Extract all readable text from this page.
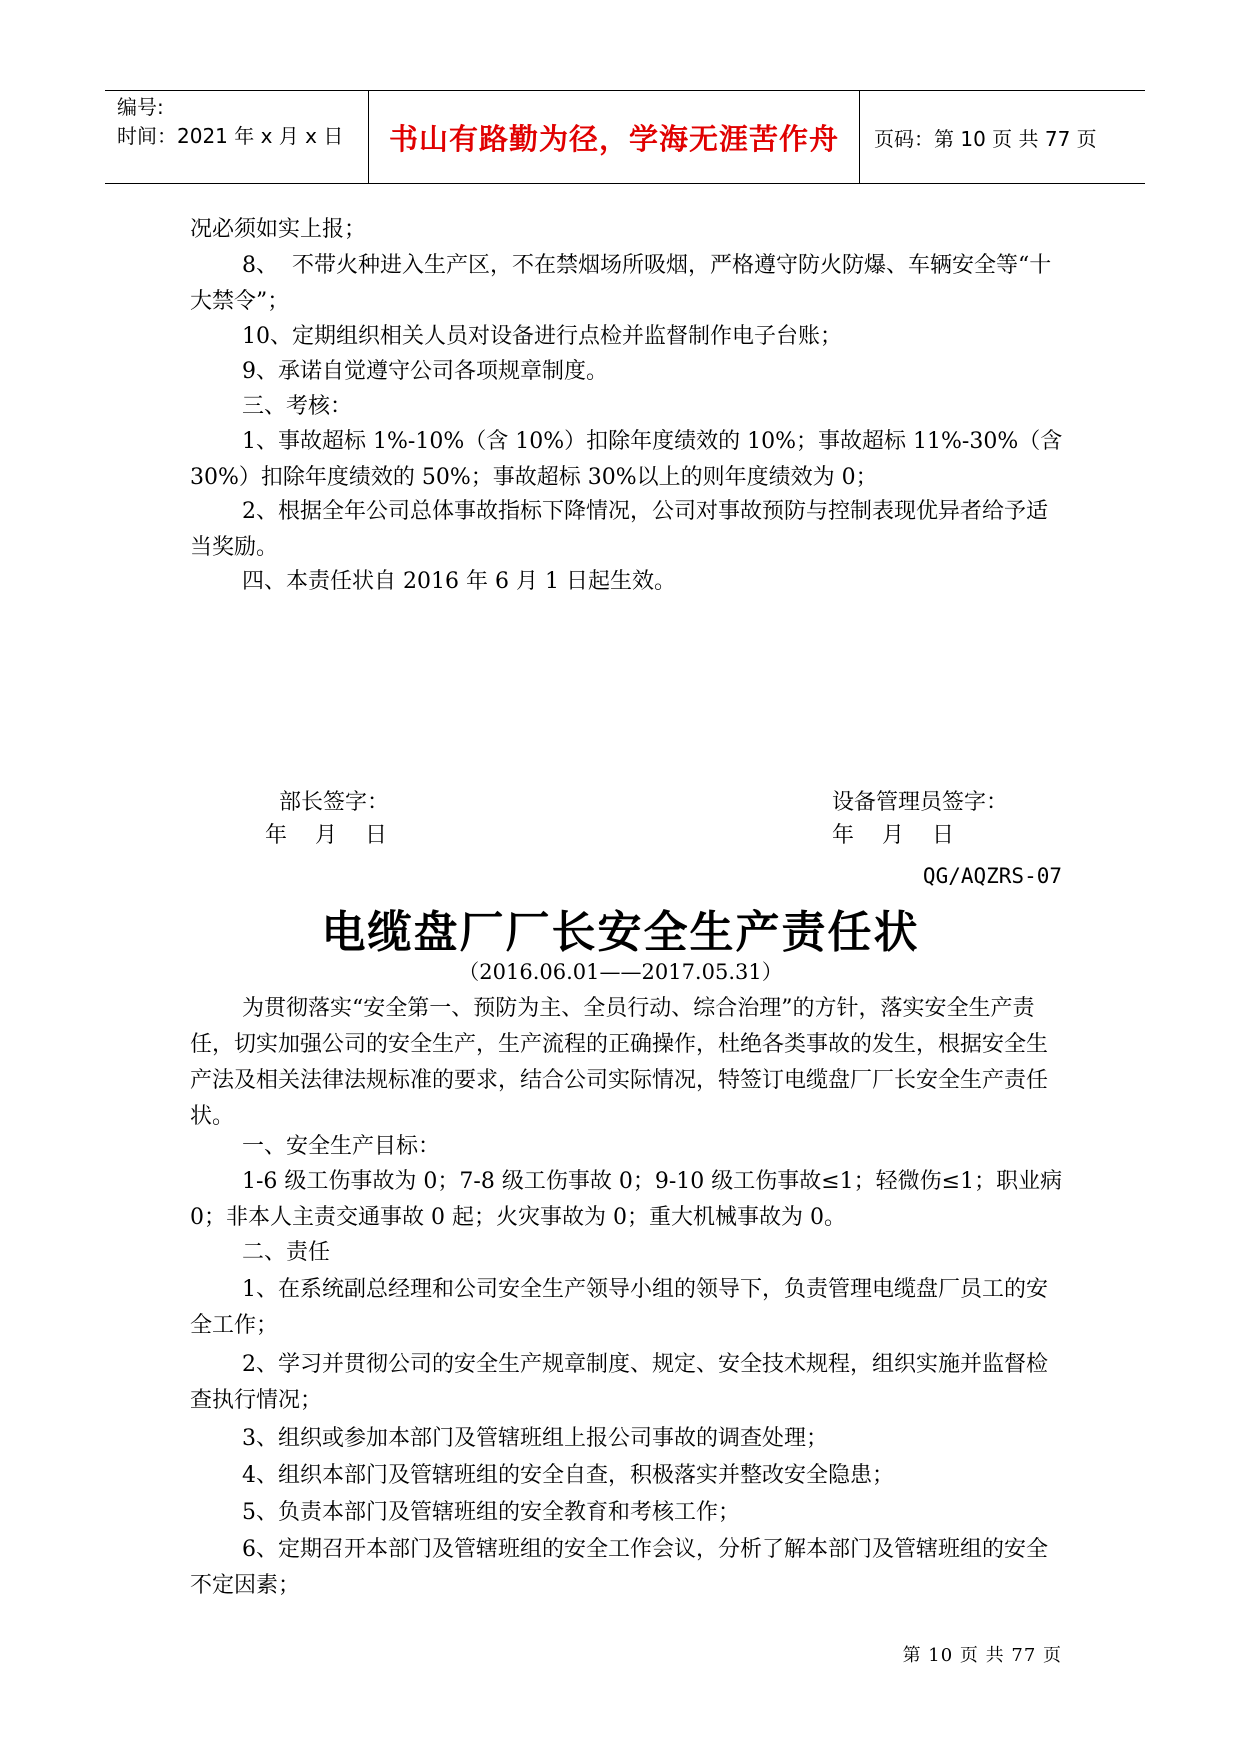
编号:
时间：2021 年 x 月 x 日	书山有路勤为径，学海无涯苦作舟	页码：第 10 页 共 77 页

况必须如实上报；

8、  不带火种进入生产区，不在禁烟场所吸烟，严格遵守防火防爆、车辆安全等“十大禁令”；

10、定期组织相关人员对设备进行点检并监督制作电子台账；

9、承诺自觉遵守公司各项规章制度。

三、考核：

1、事故超标 1%-10%（含 10%）扣除年度绩效的 10%；事故超标 11%-30%（含 30%）扣除年度绩效的 50%；事故超标 30%以上的则年度绩效为 0；

2、根据全年公司总体事故指标下降情况，公司对事故预防与控制表现优异者给予适当奖励。

四、本责任状自 2016 年 6 月 1 日起生效。

部长签字：
年    月    日
设备管理员签字：
年    月    日
QG/AQZRS-07
电缆盘厂厂长安全生产责任状
（2016.06.01——2017.05.31）

为贯彻落实“安全第一、预防为主、全员行动、综合治理”的方针，落实安全生产责任，切实加强公司的安全生产，生产流程的正确操作，杜绝各类事故的发生，根据安全生产法及相关法律法规标准的要求，结合公司实际情况，特签订电缆盘厂厂长安全生产责任状。

一、安全生产目标：

1-6 级工伤事故为 0；7-8 级工伤事故 0；9-10 级工伤事故≤1；轻微伤≤1；职业病 0；非本人主责交通事故 0 起；火灾事故为 0；重大机械事故为 0。

二、责任

1、在系统副总经理和公司安全生产领导小组的领导下，负责管理电缆盘厂员工的安全工作；

2、学习并贯彻公司的安全生产规章制度、规定、安全技术规程，组织实施并监督检查执行情况；

3、组织或参加本部门及管辖班组上报公司事故的调查处理；

4、组织本部门及管辖班组的安全自查，积极落实并整改安全隐患；

5、负责本部门及管辖班组的安全教育和考核工作；

6、定期召开本部门及管辖班组的安全工作会议，分析了解本部门及管辖班组的安全不定因素；

第 10 页 共 77 页
